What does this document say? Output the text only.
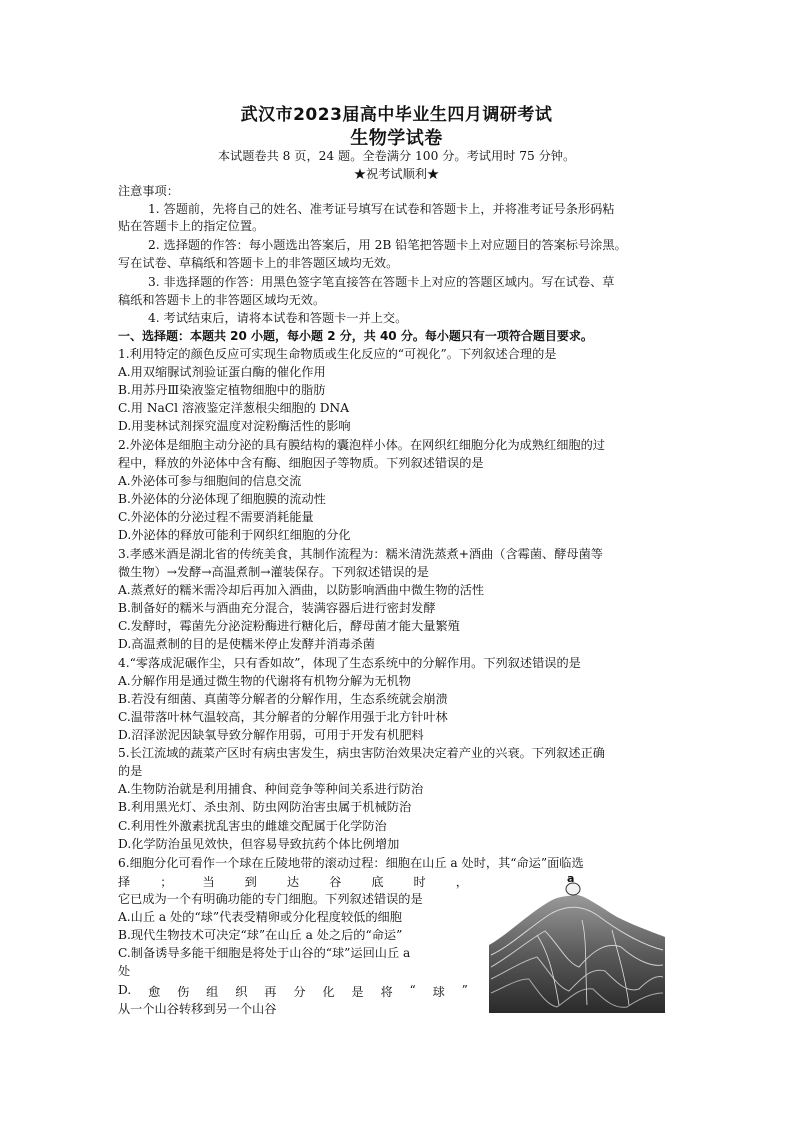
武汉市2023届高中毕业生四月调研考试
生物学试卷
本试题卷共 8 页，24 题。全卷满分 100 分。考试用时 75 分钟。
★祝考试顺利★
注意事项：
1. 答题前，先将自己的姓名、准考证号填写在试卷和答题卡上，并将准考证号条形码粘
贴在答题卡上的指定位置。
2. 选择题的作答：每小题选出答案后，用 2B 铅笔把答题卡上对应题目的答案标号涂黑。
写在试卷、草稿纸和答题卡上的非答题区域均无效。
3. 非选择题的作答：用黑色签字笔直接答在答题卡上对应的答题区域内。写在试卷、草
稿纸和答题卡上的非答题区域均无效。
4. 考试结束后，请将本试卷和答题卡一并上交。
一、选择题：本题共 20 小题，每小题 2 分，共 40 分。每小题只有一项符合题目要求。
1.利用特定的颜色反应可实现生命物质或生化反应的“可视化”。下列叙述合理的是
A.用双缩脲试剂验证蛋白酶的催化作用
B.用苏丹Ⅲ染液鉴定植物细胞中的脂肪
C.用 NaCl 溶液鉴定洋葱根尖细胞的 DNA
D.用斐林试剂探究温度对淀粉酶活性的影响
2.外泌体是细胞主动分泌的具有膜结构的囊泡样小体。在网织红细胞分化为成熟红细胞的过
程中，释放的外泌体中含有酶、细胞因子等物质。下列叙述错误的是
A.外泌体可参与细胞间的信息交流
B.外泌体的分泌体现了细胞膜的流动性
C.外泌体的分泌过程不需要消耗能量
D.外泌体的释放可能利于网织红细胞的分化
3.孝感米酒是湖北省的传统美食，其制作流程为：糯米清洗蒸煮+酒曲（含霉菌、酵母菌等
微生物）→发酵→高温煮制→灌装保存。下列叙述错误的是
A.蒸煮好的糯米需冷却后再加入酒曲，以防影响酒曲中微生物的活性
B.制备好的糯米与酒曲充分混合，装满容器后进行密封发酵
C.发酵时，霉菌先分泌淀粉酶进行糖化后，酵母菌才能大量繁殖
D.高温煮制的目的是使糯米停止发酵并消毒杀菌
4.“零落成泥碾作尘，只有香如故”，体现了生态系统中的分解作用。下列叙述错误的是
A.分解作用是通过微生物的代谢将有机物分解为无机物
B.若没有细菌、真菌等分解者的分解作用，生态系统就会崩溃
C.温带落叶林气温较高，其分解者的分解作用强于北方针叶林
D.沼泽淤泥因缺氧导致分解作用弱，可用于开发有机肥料
5.长江流域的蔬菜产区时有病虫害发生，病虫害防治效果决定着产业的兴衰。下列叙述正确
的是
A.生物防治就是利用捕食、种间竞争等种间关系进行防治
B.利用黑光灯、杀虫剂、防虫网防治害虫属于机械防治
C.利用性外激素扰乱害虫的雌雄交配属于化学防治
D.化学防治虽见效快，但容易导致抗药个体比例增加
6.细胞分化可看作一个球在丘陵地带的滚动过程：细胞在山丘 a 处时，其“命运”面临选
择 ； 当 到 达 谷 底 时 ，
它已成为一个有明确功能的专门细胞。下列叙述错误的是
A.山丘 a 处的“球”代表受精卵或分化程度较低的细胞
B.现代生物技术可决定“球”在山丘 a 处之后的“命运”
C.制备诱导多能干细胞是将处于山谷的“球”运回山丘 a
处
D. 愈 伤 组 织 再 分 化 是 将 “ 球 ”
从一个山谷转移到另一个山谷
a
